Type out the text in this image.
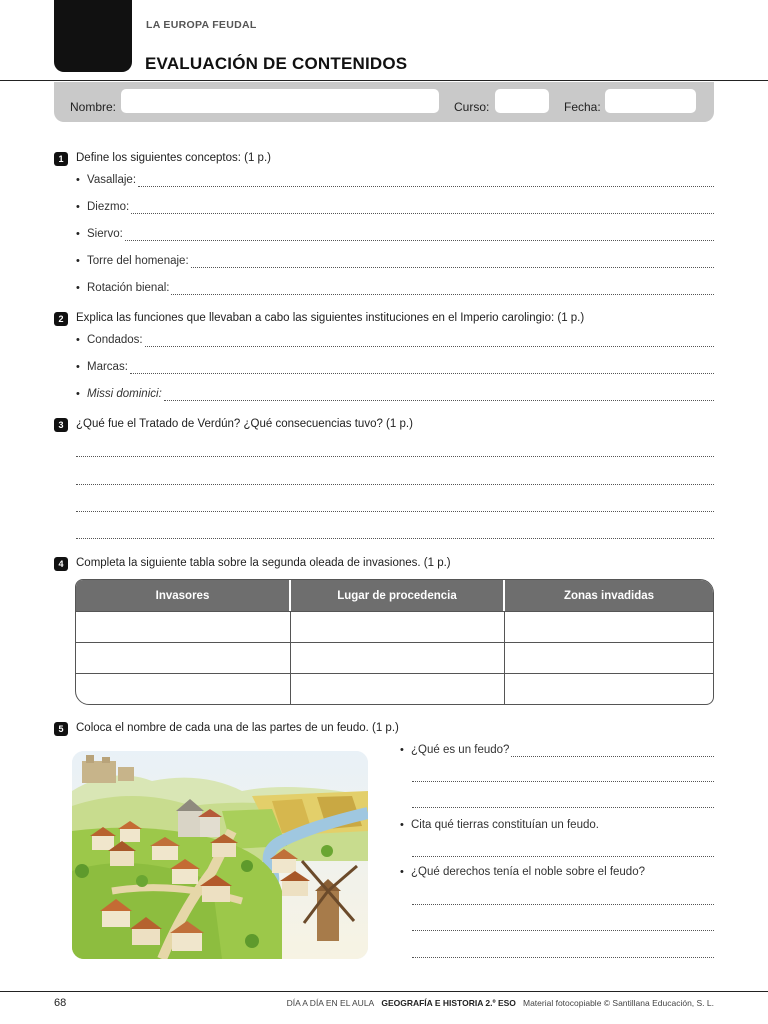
LA EUROPA FEUDAL
EVALUACIÓN DE CONTENIDOS
Nombre:	Curso:	Fecha:
1	Define los siguientes conceptos: (1 p.)
• Vasallaje:
• Diezmo:
• Siervo:
• Torre del homenaje:
• Rotación bienal:
2	Explica las funciones que llevaban a cabo las siguientes instituciones en el Imperio carolingio: (1 p.)
• Condados:
• Marcas:
• Missi dominici:
3	¿Qué fue el Tratado de Verdún? ¿Qué consecuencias tuvo? (1 p.)
4	Completa la siguiente tabla sobre la segunda oleada de invasiones. (1 p.)
Invasores	Lugar de procedencia	Zonas invadidas
5	Coloca el nombre de cada una de las partes de un feudo. (1 p.)
• ¿Qué es un feudo?
• Cita qué tierras constituían un feudo.
• ¿Qué derechos tenía el noble sobre el feudo?
68	DÍA A DÍA EN EL AULA GEOGRAFÍA E HISTORIA 2.º ESO Material fotocopiable © Santillana Educación, S. L.
